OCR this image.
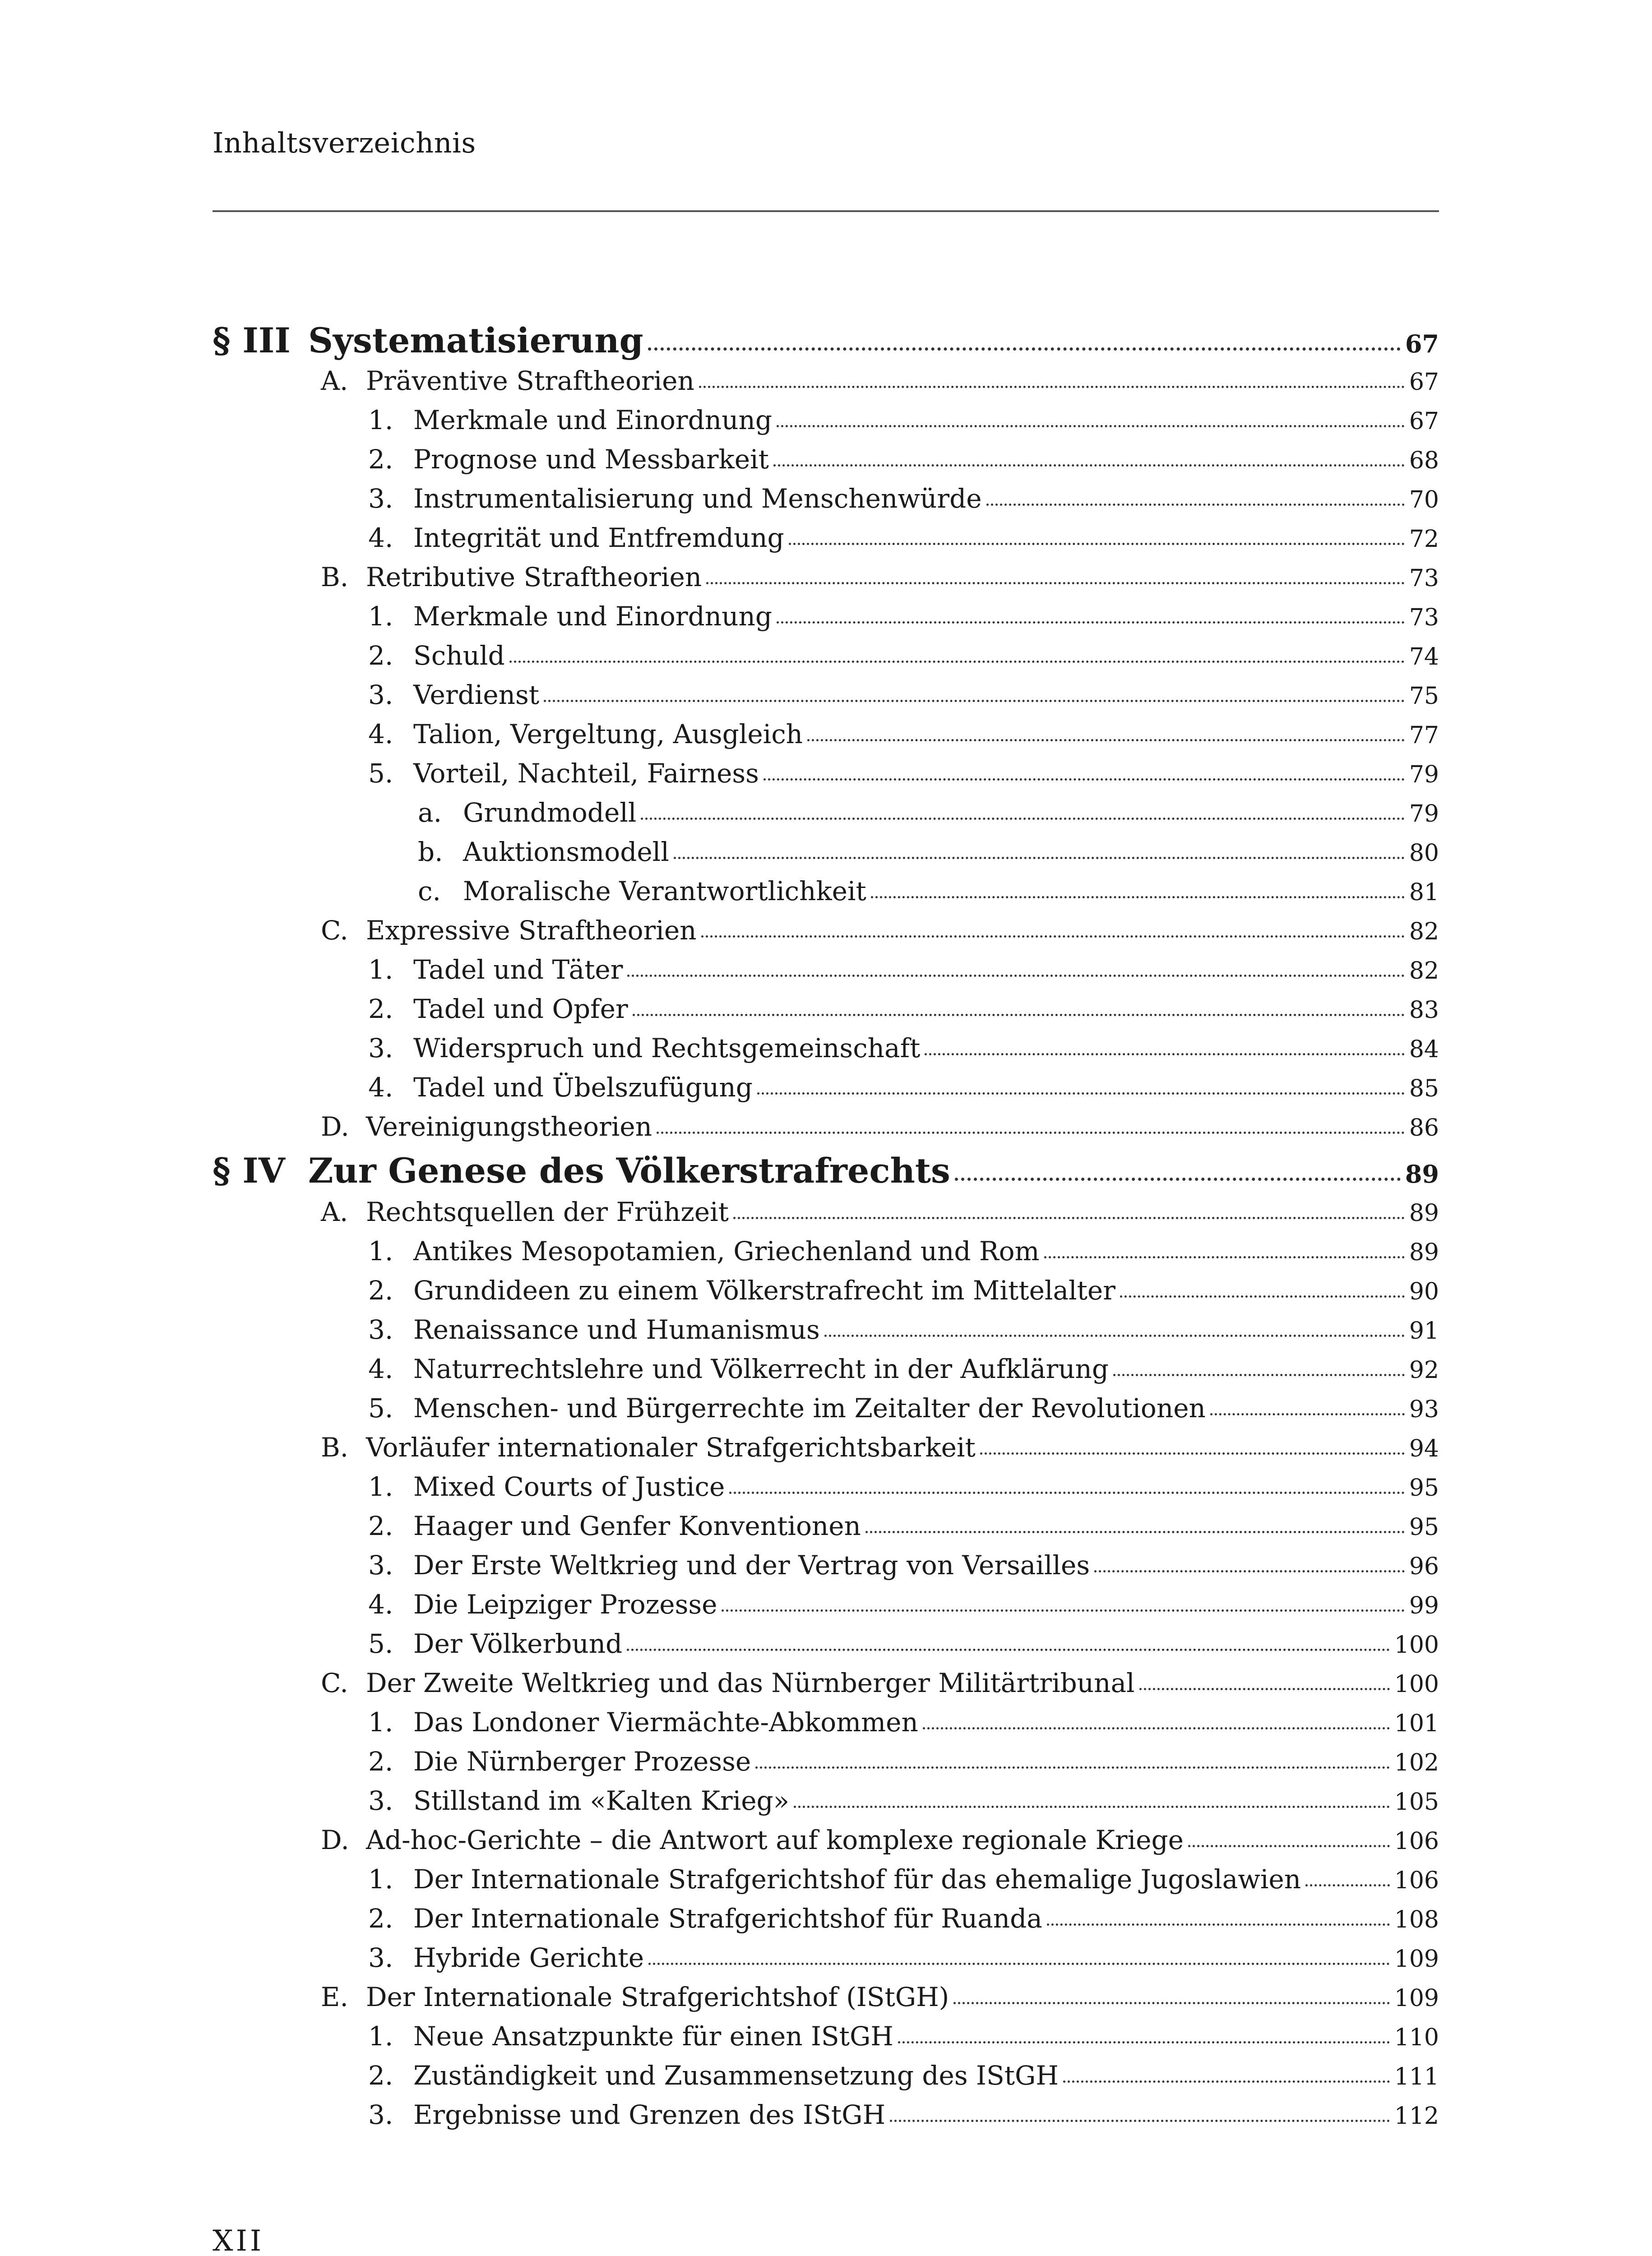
Inhaltsverzeichnis
§ III Systematisierung	67
A. Präventive Straftheorien	67
1. Merkmale und Einordnung	67
2. Prognose und Messbarkeit	68
3. Instrumentalisierung und Menschenwürde	70
4. Integrität und Entfremdung	72
B. Retributive Straftheorien	73
1. Merkmale und Einordnung	73
2. Schuld	74
3. Verdienst	75
4. Talion, Vergeltung, Ausgleich	77
5. Vorteil, Nachteil, Fairness	79
a. Grundmodell	79
b. Auktionsmodell	80
c. Moralische Verantwortlichkeit	81
C. Expressive Straftheorien	82
1. Tadel und Täter	82
2. Tadel und Opfer	83
3. Widerspruch und Rechtsgemeinschaft	84
4. Tadel und Übelszufügung	85
D. Vereinigungstheorien	86
§ IV Zur Genese des Völkerstrafrechts	89
A. Rechtsquellen der Frühzeit	89
1. Antikes Mesopotamien, Griechenland und Rom	89
2. Grundideen zu einem Völkerstrafrecht im Mittelalter	90
3. Renaissance und Humanismus	91
4. Naturrechtslehre und Völkerrecht in der Aufklärung	92
5. Menschen- und Bürgerrechte im Zeitalter der Revolutionen	93
B. Vorläufer internationaler Strafgerichtsbarkeit	94
1. Mixed Courts of Justice	95
2. Haager und Genfer Konventionen	95
3. Der Erste Weltkrieg und der Vertrag von Versailles	96
4. Die Leipziger Prozesse	99
5. Der Völkerbund	100
C. Der Zweite Weltkrieg und das Nürnberger Militärtribunal	100
1. Das Londoner Viermächte-Abkommen	101
2. Die Nürnberger Prozesse	102
3. Stillstand im «Kalten Krieg»	105
D. Ad-hoc-Gerichte – die Antwort auf komplexe regionale Kriege	106
1. Der Internationale Strafgerichtshof für das ehemalige Jugoslawien	106
2. Der Internationale Strafgerichtshof für Ruanda	108
3. Hybride Gerichte	109
E. Der Internationale Strafgerichtshof (IStGH)	109
1. Neue Ansatzpunkte für einen IStGH	110
2. Zuständigkeit und Zusammensetzung des IStGH	111
3. Ergebnisse und Grenzen des IStGH	112
XII
